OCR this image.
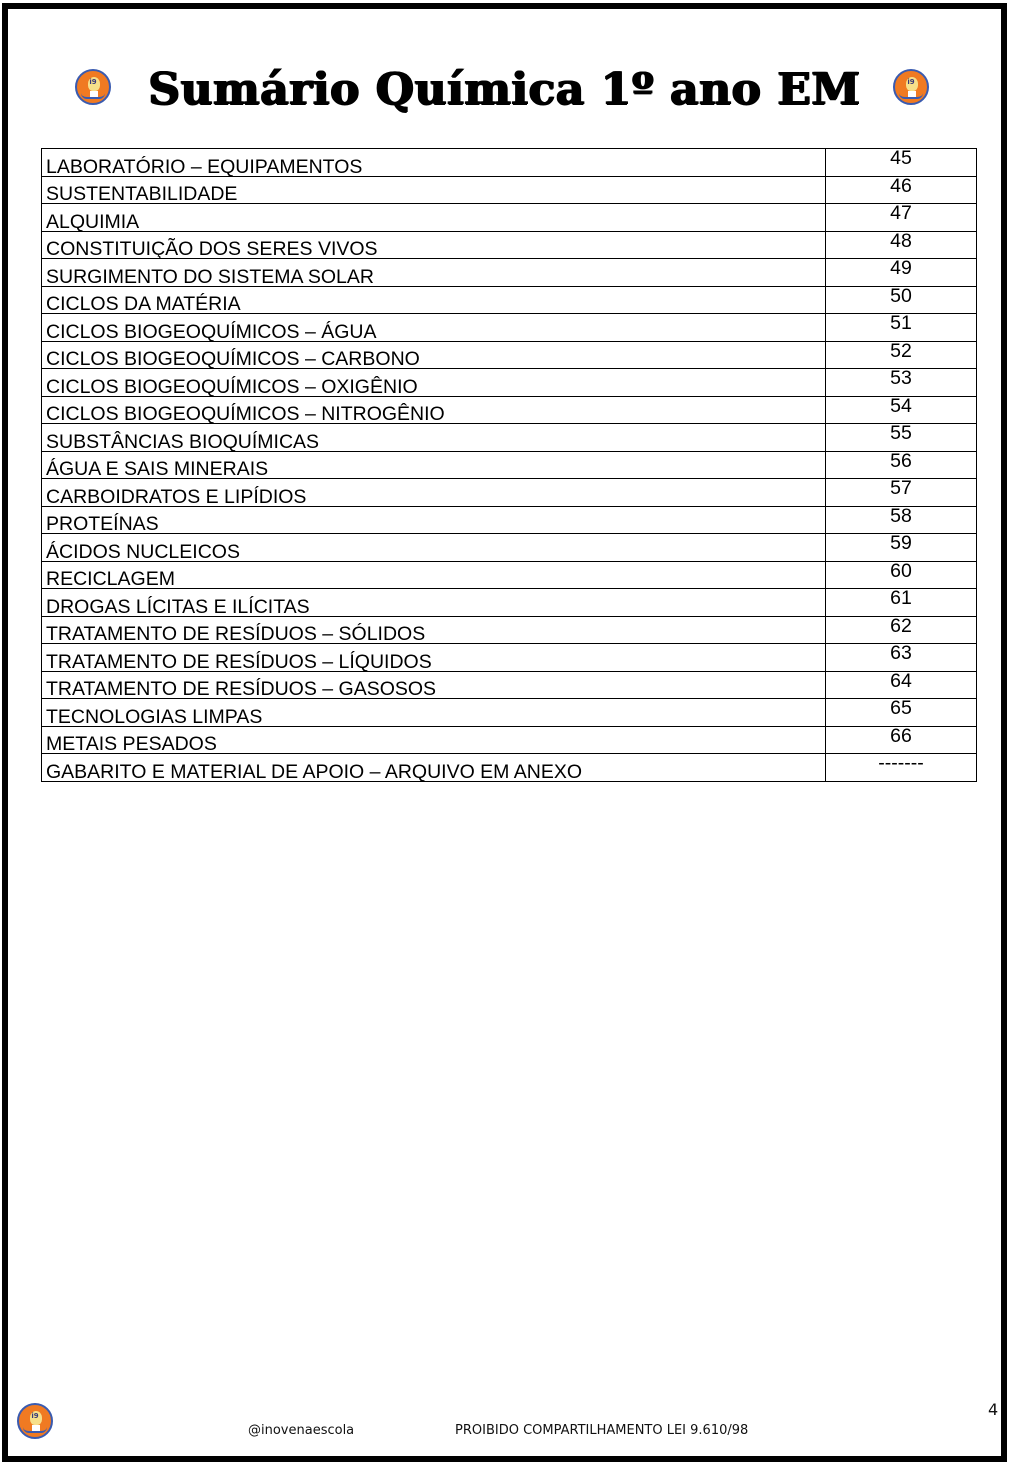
i9	Sumário Química 1º ano EM	i9
LABORATÓRIO – EQUIPAMENTOS	45
SUSTENTABILIDADE	46
ALQUIMIA	47
CONSTITUIÇÃO DOS SERES VIVOS	48
SURGIMENTO DO SISTEMA SOLAR	49
CICLOS DA MATÉRIA	50
CICLOS BIOGEOQUÍMICOS – ÁGUA	51
CICLOS BIOGEOQUÍMICOS – CARBONO	52
CICLOS BIOGEOQUÍMICOS – OXIGÊNIO	53
CICLOS BIOGEOQUÍMICOS – NITROGÊNIO	54
SUBSTÂNCIAS BIOQUÍMICAS	55
ÁGUA E SAIS MINERAIS	56
CARBOIDRATOS E LIPÍDIOS	57
PROTEÍNAS	58
ÁCIDOS NUCLEICOS	59
RECICLAGEM	60
DROGAS LÍCITAS E ILÍCITAS	61
TRATAMENTO DE RESÍDUOS – SÓLIDOS	62
TRATAMENTO DE RESÍDUOS – LÍQUIDOS	63
TRATAMENTO DE RESÍDUOS – GASOSOS	64
TECNOLOGIAS LIMPAS	65
METAIS PESADOS	66
GABARITO E MATERIAL DE APOIO – ARQUIVO EM ANEXO	-------
i9
@inovenaescola	PROIBIDO COMPARTILHAMENTO LEI 9.610/98
4
